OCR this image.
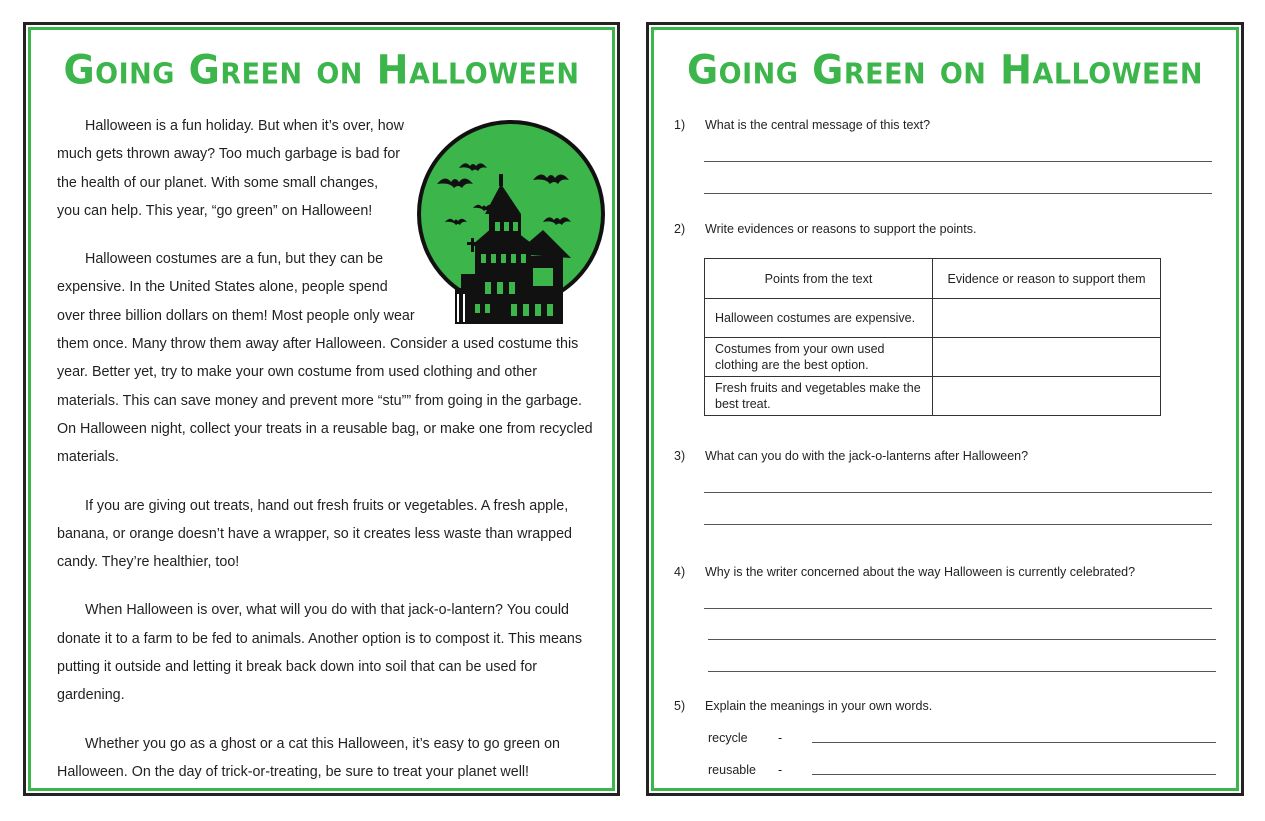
Going Green on Halloween

Halloween is a fun holiday. But when it’s over, how much gets thrown away? Too much garbage is bad for the health of our planet. With some small changes, you can help. This year, “go green” on Halloween!

Halloween costumes are a fun, but they can be expensive. In the United States alone, people spend over three billion dollars on them! Most people only wear them once. Many throw them away after Halloween. Consider a used costume this year. Better yet, try to make your own costume from used clothing and other materials. This can save money and prevent more “stu”” from going in the garbage. On Halloween night, collect your treats in a reusable bag, or make one from recycled materials.

If you are giving out treats, hand out fresh fruits or vegetables. A fresh apple, banana, or orange doesn’t have a wrapper, so it creates less waste than wrapped candy. They’re healthier, too!

When Halloween is over, what will you do with that jack-o-lantern? You could donate it to a farm to be fed to animals. Another option is to compost it. This means putting it outside and letting it break back down into soil that can be used for gardening.

Whether you go as a ghost or a cat this Halloween, it’s easy to go green on Halloween. On the day of trick-or-treating, be sure to treat your planet well!

Going Green on Halloween
1) What is the central message of this text?
2) Write evidences or reasons to support the points.
Points from the text	Evidence or reason to support them
Halloween costumes are expensive.	
Costumes from your own used clothing are the best option.	
Fresh fruits and vegetables make the best treat.	
3) What can you do with the jack-o-lanterns after Halloween?
4) Why is the writer concerned about the way Halloween is currently celebrated?
5) Explain the meanings in your own words.
recycle -
reusable -
